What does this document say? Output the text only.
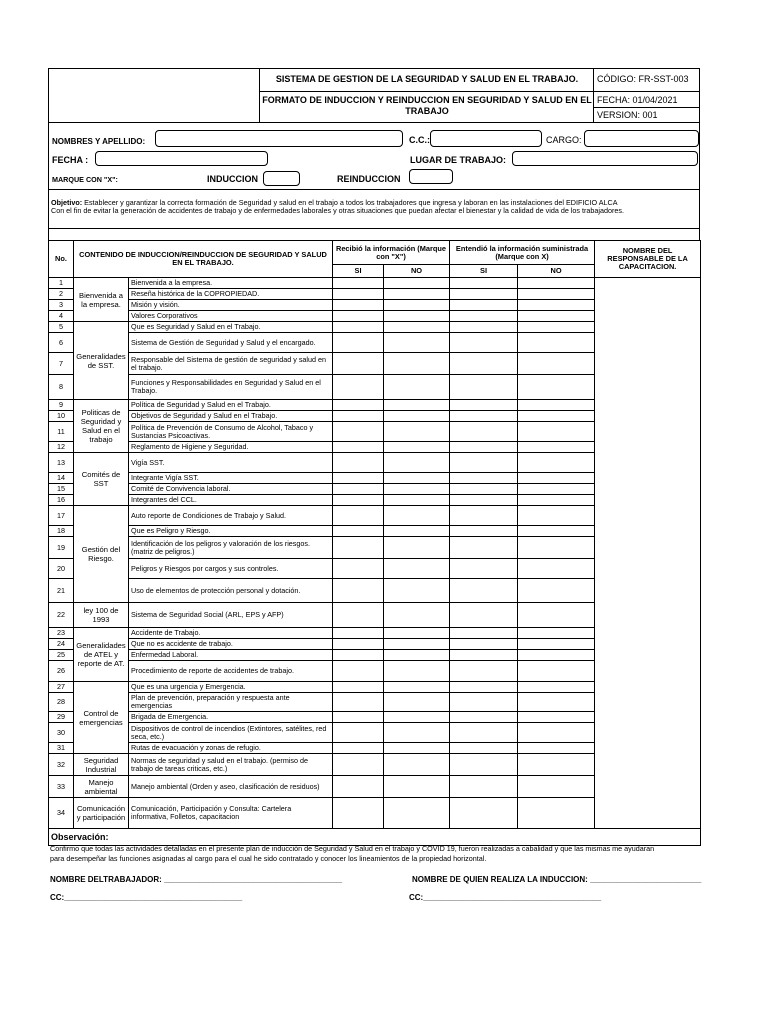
SISTEMA DE GESTION DE LA SEGURIDAD Y SALUD EN EL TRABAJO.
FORMATO DE INDUCCION Y REINDUCCION EN SEGURIDAD Y SALUD EN EL TRABAJO
CÓDIGO: FR-SST-003
FECHA: 01/04/2021
VERSION: 001
NOMBRES Y APELLIDO:	C.C.:	CARGO:
FECHA :	LUGAR DE TRABAJO:
MARQUE CON "X":	INDUCCION	REINDUCCION
Objetivo: Establecer y garantizar la correcta formación de Seguridad y salud en el trabajo a todos los trabajadores que ingresa y laboran en las instalaciones del EDIFICIO ALCA
Con el fin de evitar la generación de accidentes de trabajo y de enfermedades laborales y otras situaciones que puedan afectar el bienestar y la calidad de vida de los trabajadores.
No.	CONTENIDO DE INDUCCION/REINDUCCION DE SEGURIDAD Y SALUD EN EL TRABAJO.		Recibió la información (Marque con "X")		Entendió la información suministrada (Marque con X)		NOMBRE DEL RESPONSABLE DE LA CAPACITACION.
			SI	NO	SI	NO	
1	Bienvenida a la empresa.	Bienvenida a la empresa.					
2		Reseña histórica de la COPROPIEDAD.					
3		Misión y visión.					
4		Valores Corporativos					
5	Generalidades de SST.	Que es Seguridad y Salud en el Trabajo.					
6		Sistema de Gestión de Seguridad y Salud y el encargado.					
7		Responsable del Sistema de gestión de seguridad y salud en el trabajo.					
8		Funciones y Responsabilidades en Seguridad y Salud en el Trabajo.					
9	Politicas de Seguridad y Salud en el trabajo	Política de Seguridad y Salud en el Trabajo.					
10		Objetivos de Seguridad y Salud en el Trabajo.					
11		Política de Prevención de Consumo de Alcohol, Tabaco y Sustancias Psicoactivas.					
12		Reglamento de Higiene y Seguridad.					
13	Comités de SST	Vigía SST.					
14		Integrante Vigía SST.					
15		Comité de Convivencia laboral.					
16		Integrantes del CCL.					
17	Gestión del Riesgo.	Auto reporte de Condiciones de Trabajo y Salud.					
18		Que es Peligro y Riesgo.					
19		Identificación de los peligros y valoración de los riesgos.(matriz de peligros.)					
20		Peligros y Riesgos por cargos y sus controles.					
21		Uso de elementos de protección personal y dotación.					
22	ley 100 de 1993	Sistema de Seguridad Social (ARL, EPS y AFP)					
23	Generalidades de ATEL y reporte de AT.	Accidente de Trabajo.					
24		Que no es accidente de trabajo.					
25		Enfermedad Laboral.					
26		Procedimiento de reporte de accidentes de trabajo.					
27	Control de emergencias	Que es una urgencia y Emergencia.					
28		Plan de prevención, preparación y respuesta ante emergencias					
29		Brigada de Emergencia.					
30		Dispositivos de control de incendios (Extintores, satélites, red seca, etc.)					
31		Rutas de evacuación y zonas de refugio.					
32	Seguridad Industrial	Normas de seguridad y salud en el trabajo. (permiso de trabajo de tareas criticas, etc.)					
33	Manejo ambiental	Manejo ambiental (Orden y aseo, clasificación de residuos)					
34	Comunicación y participación	Comunicación, Participación y Consulta: Cartelera informativa, Folletos, capacitacion					
Observación:							
Confirmo que todas las actividades detalladas en el presente plan de inducción de Seguridad y Salud en el trabajo y COVID 19, fueron realizadas a cabalidad y que las mismas me ayudaran
para desempeñar las funciones asignadas al cargo para el cual he sido contratado y conocer los lineamientos de la propiedad horizontal.
NOMBRE DELTRABAJADOR: ________________________________________	NOMBRE DE QUIEN REALIZA LA INDUCCION: _________________________
CC:________________________________________	CC:________________________________________
